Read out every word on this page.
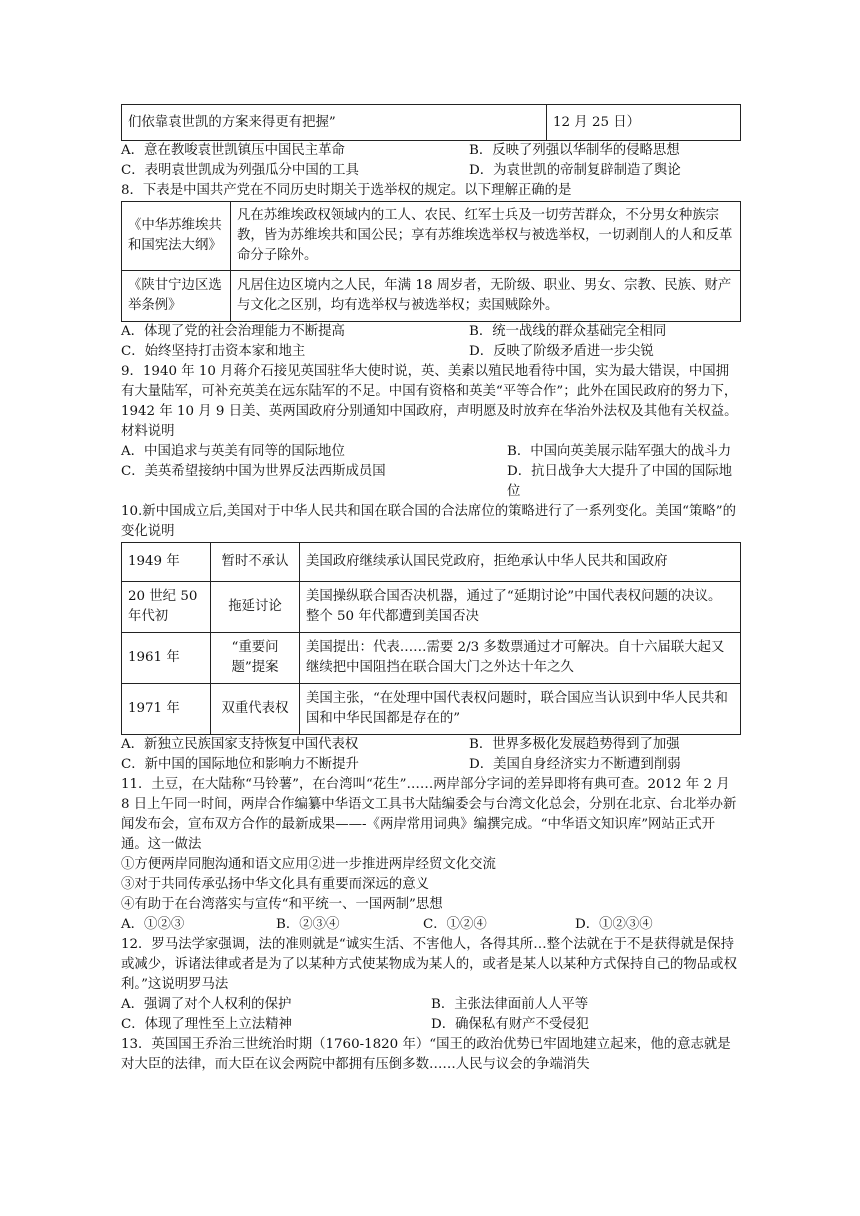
们依靠袁世凯的方案来得更有把握”	12 月 25 日）
A．意在教唆袁世凯镇压中国民主革命	B．反映了列强以华制华的侵略思想
C．表明袁世凯成为列强瓜分中国的工具	D．为袁世凯的帝制复辟制造了舆论

8．下表是中国共产党在不同历史时期关于选举权的规定。以下理解正确的是

《中华苏维埃共和国宪法大纲》	凡在苏维埃政权领域内的工人、农民、红军士兵及一切劳苦群众，不分男女种族宗教，皆为苏维埃共和国公民；享有苏维埃选举权与被选举权，一切剥削人的人和反革命分子除外。
《陕甘宁边区选举条例》	凡居住边区境内之人民，年满 18 周岁者，无阶级、职业、男女、宗教、民族、财产与文化之区别，均有选举权与被选举权；卖国贼除外。
A．体现了党的社会治理能力不断提高	B．统一战线的群众基础完全相同
C．始终坚持打击资本家和地主	D．反映了阶级矛盾进一步尖锐

9．1940 年 10 月蒋介石接见英国驻华大使时说，英、美素以殖民地看待中国，实为最大错误，中国拥有大量陆军，可补充英美在远东陆军的不足。中国有资格和英美“平等合作”；此外在国民政府的努力下，1942 年 10 月 9 日美、英两国政府分别通知中国政府，声明愿及时放弃在华治外法权及其他有关权益。材料说明

A．中国追求与英美有同等的国际地位	B．中国向英美展示陆军强大的战斗力
C．美英希望接纳中国为世界反法西斯成员国	D．抗日战争大大提升了中国的国际地位

10.新中国成立后,美国对于中华人民共和国在联合国的合法席位的策略进行了一系列变化。美国“策略”的变化说明

1949 年	暂时不承认	美国政府继续承认国民党政府，拒绝承认中华人民共和国政府
20 世纪 50 年代初	拖延讨论	美国操纵联合国否决机器，通过了“延期讨论”中国代表权问题的决议。整个 50 年代都遭到美国否决
1961 年	“重要问题”提案	美国提出：代表……需要 2/3 多数票通过才可解决。自十六届联大起又继续把中国阻挡在联合国大门之外达十年之久
1971 年	双重代表权	美国主张，“在处理中国代表权问题时，联合国应当认识到中华人民共和国和中华民国都是存在的”
A．新独立民族国家支持恢复中国代表权	B．世界多极化发展趋势得到了加强
C．新中国的国际地位和影响力不断提升	D．美国自身经济实力不断遭到削弱

11．土豆，在大陆称“马铃薯”，在台湾叫“花生”……两岸部分字词的差异即将有典可查。2012 年 2 月 8 日上午同一时间，两岸合作编纂中华语文工具书大陆编委会与台湾文化总会，分别在北京、台北举办新闻发布会，宣布双方合作的最新成果——-《两岸常用词典》编撰完成。“中华语文知识库”网站正式开通。这一做法

①方便两岸同胞沟通和语文应用②进一步推进两岸经贸文化交流

③对于共同传承弘扬中华文化具有重要而深远的意义

④有助于在台湾落实与宣传“和平统一、一国两制”思想

A．①②③	B．②③④	C．①②④	D．①②③④

12．罗马法学家强调，法的准则就是“诚实生活、不害他人，各得其所…整个法就在于不是获得就是保持或减少，诉诸法律或者是为了以某种方式使某物成为某人的，或者是某人以某种方式保持自己的物品或权利。”这说明罗马法

A．强调了对个人权利的保护	B．主张法律面前人人平等
C．体现了理性至上立法精神	D．确保私有财产不受侵犯

13．英国国王乔治三世统治时期（1760-1820 年）“国王的政治优势已牢固地建立起来，他的意志就是对大臣的法律，而大臣在议会两院中都拥有压倒多数……人民与议会的争端消失
